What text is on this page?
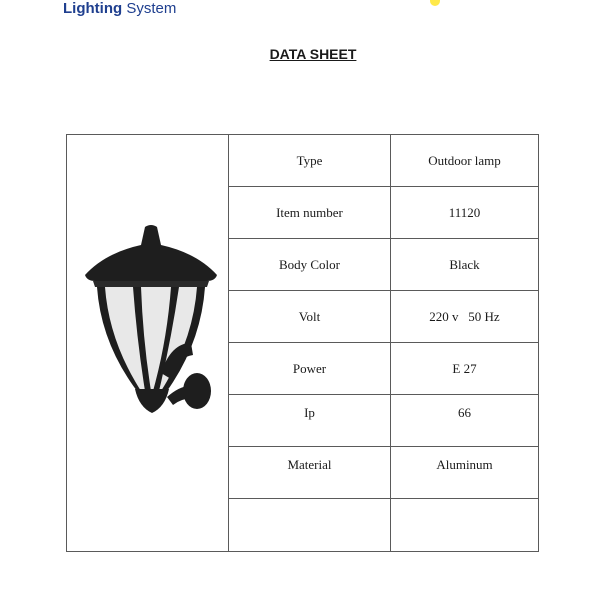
Lighting System
DATA SHEET
Type	Outdoor lamp
Item number	11120
Body Color	Black
Volt	220 v   50 Hz
Power	E 27
Ip	66
Material	Aluminum
